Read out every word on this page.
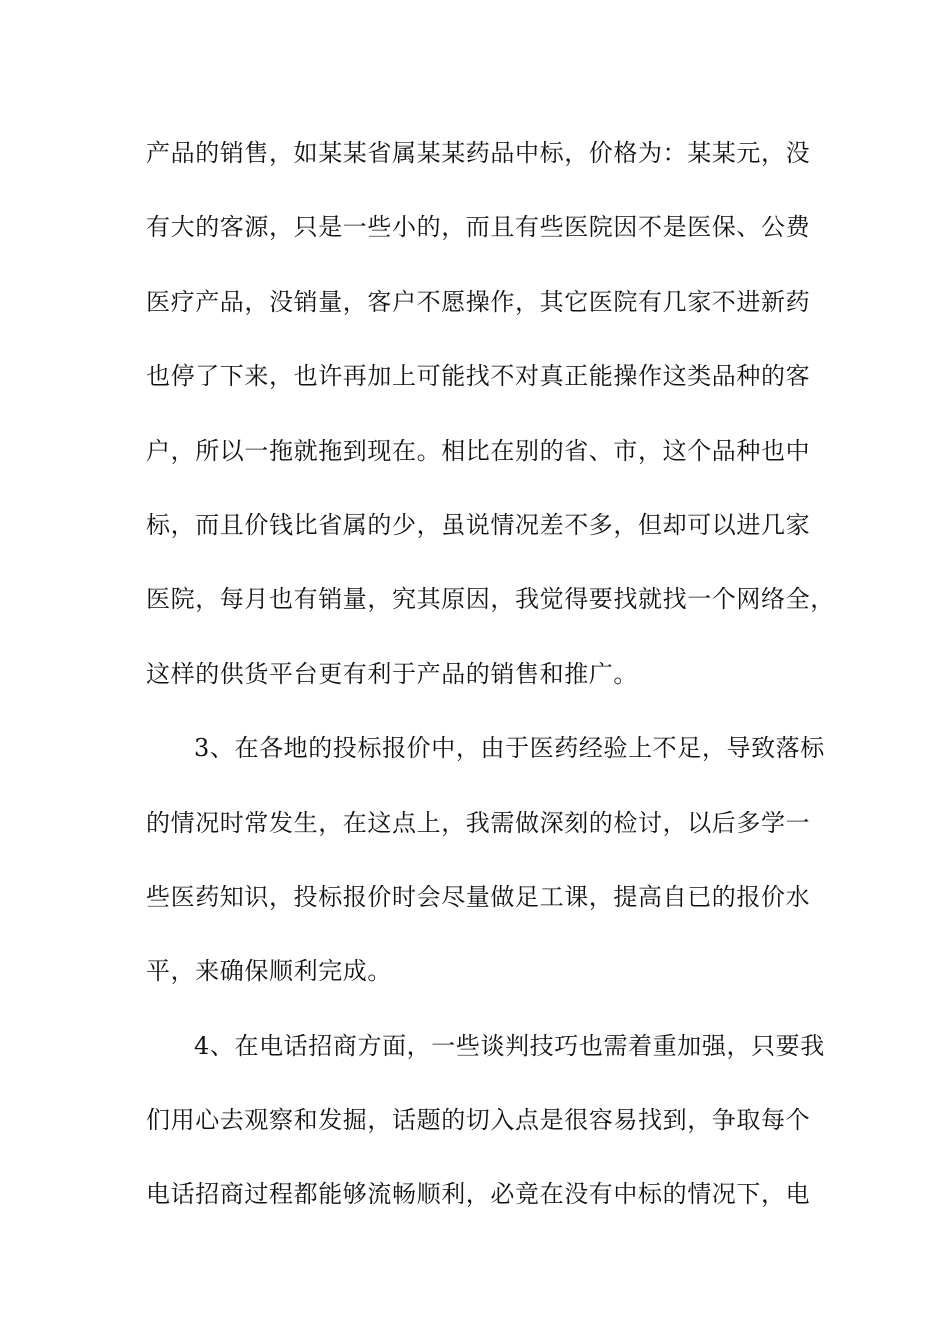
产品的销售，如某某省属某某药品中标，价格为：某某元，没
有大的客源，只是一些小的，而且有些医院因不是医保、公费
医疗产品，没销量，客户不愿操作，其它医院有几家不进新药
也停了下来，也许再加上可能找不对真正能操作这类品种的客
户，所以一拖就拖到现在。相比在别的省、市，这个品种也中
标，而且价钱比省属的少，虽说情况差不多，但却可以进几家
医院，每月也有销量，究其原因，我觉得要找就找一个网络全，
这样的供货平台更有利于产品的销售和推广。
3、在各地的投标报价中，由于医药经验上不足，导致落标
的情况时常发生，在这点上，我需做深刻的检讨，以后多学一
些医药知识，投标报价时会尽量做足工课，提高自已的报价水
平，来确保顺利完成。
4、在电话招商方面，一些谈判技巧也需着重加强，只要我
们用心去观察和发掘，话题的切入点是很容易找到，争取每个
电话招商过程都能够流畅顺利，必竟在没有中标的情况下，电
